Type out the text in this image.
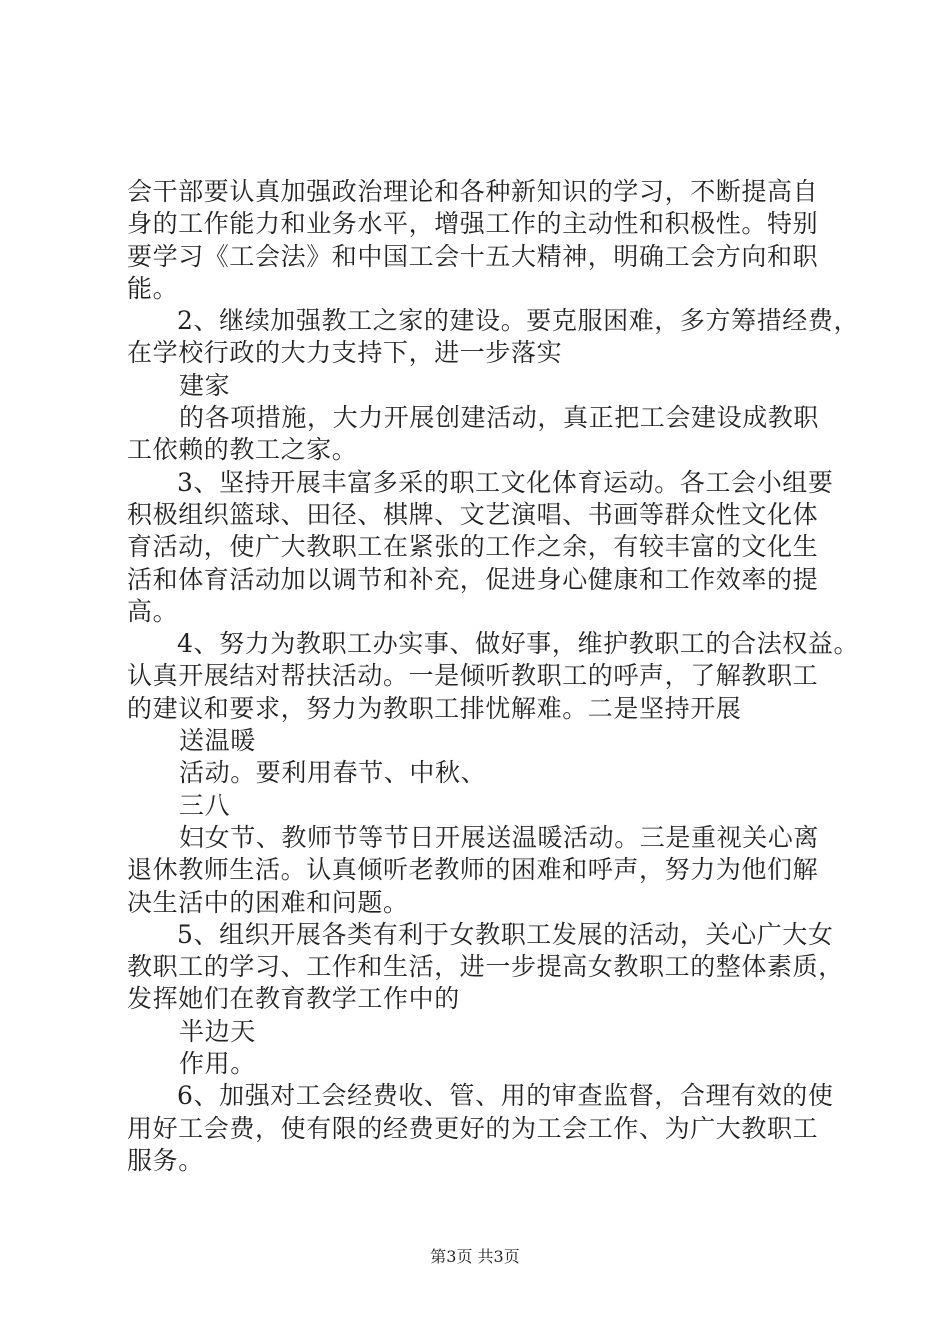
会干部要认真加强政治理论和各种新知识的学习，不断提高自
身的工作能力和业务水平，增强工作的主动性和积极性。特别
要学习《工会法》和中国工会十五大精神，明确工会方向和职
能。
2、继续加强教工之家的建设。要克服困难，多方筹措经费，
在学校行政的大力支持下，进一步落实
建家
的各项措施，大力开展创建活动，真正把工会建设成教职
工依赖的教工之家。
3、坚持开展丰富多采的职工文化体育运动。各工会小组要
积极组织篮球、田径、棋牌、文艺演唱、书画等群众性文化体
育活动，使广大教职工在紧张的工作之余，有较丰富的文化生
活和体育活动加以调节和补充，促进身心健康和工作效率的提
高。
4、努力为教职工办实事、做好事，维护教职工的合法权益。
认真开展结对帮扶活动。一是倾听教职工的呼声，了解教职工
的建议和要求，努力为教职工排忧解难。二是坚持开展
送温暖
活动。要利用春节、中秋、
三八
妇女节、教师节等节日开展送温暖活动。三是重视关心离
退休教师生活。认真倾听老教师的困难和呼声，努力为他们解
决生活中的困难和问题。
5、组织开展各类有利于女教职工发展的活动，关心广大女
教职工的学习、工作和生活，进一步提高女教职工的整体素质，
发挥她们在教育教学工作中的
半边天
作用。
6、加强对工会经费收、管、用的审查监督，合理有效的使
用好工会费，使有限的经费更好的为工会工作、为广大教职工
服务。
第3页 共3页
